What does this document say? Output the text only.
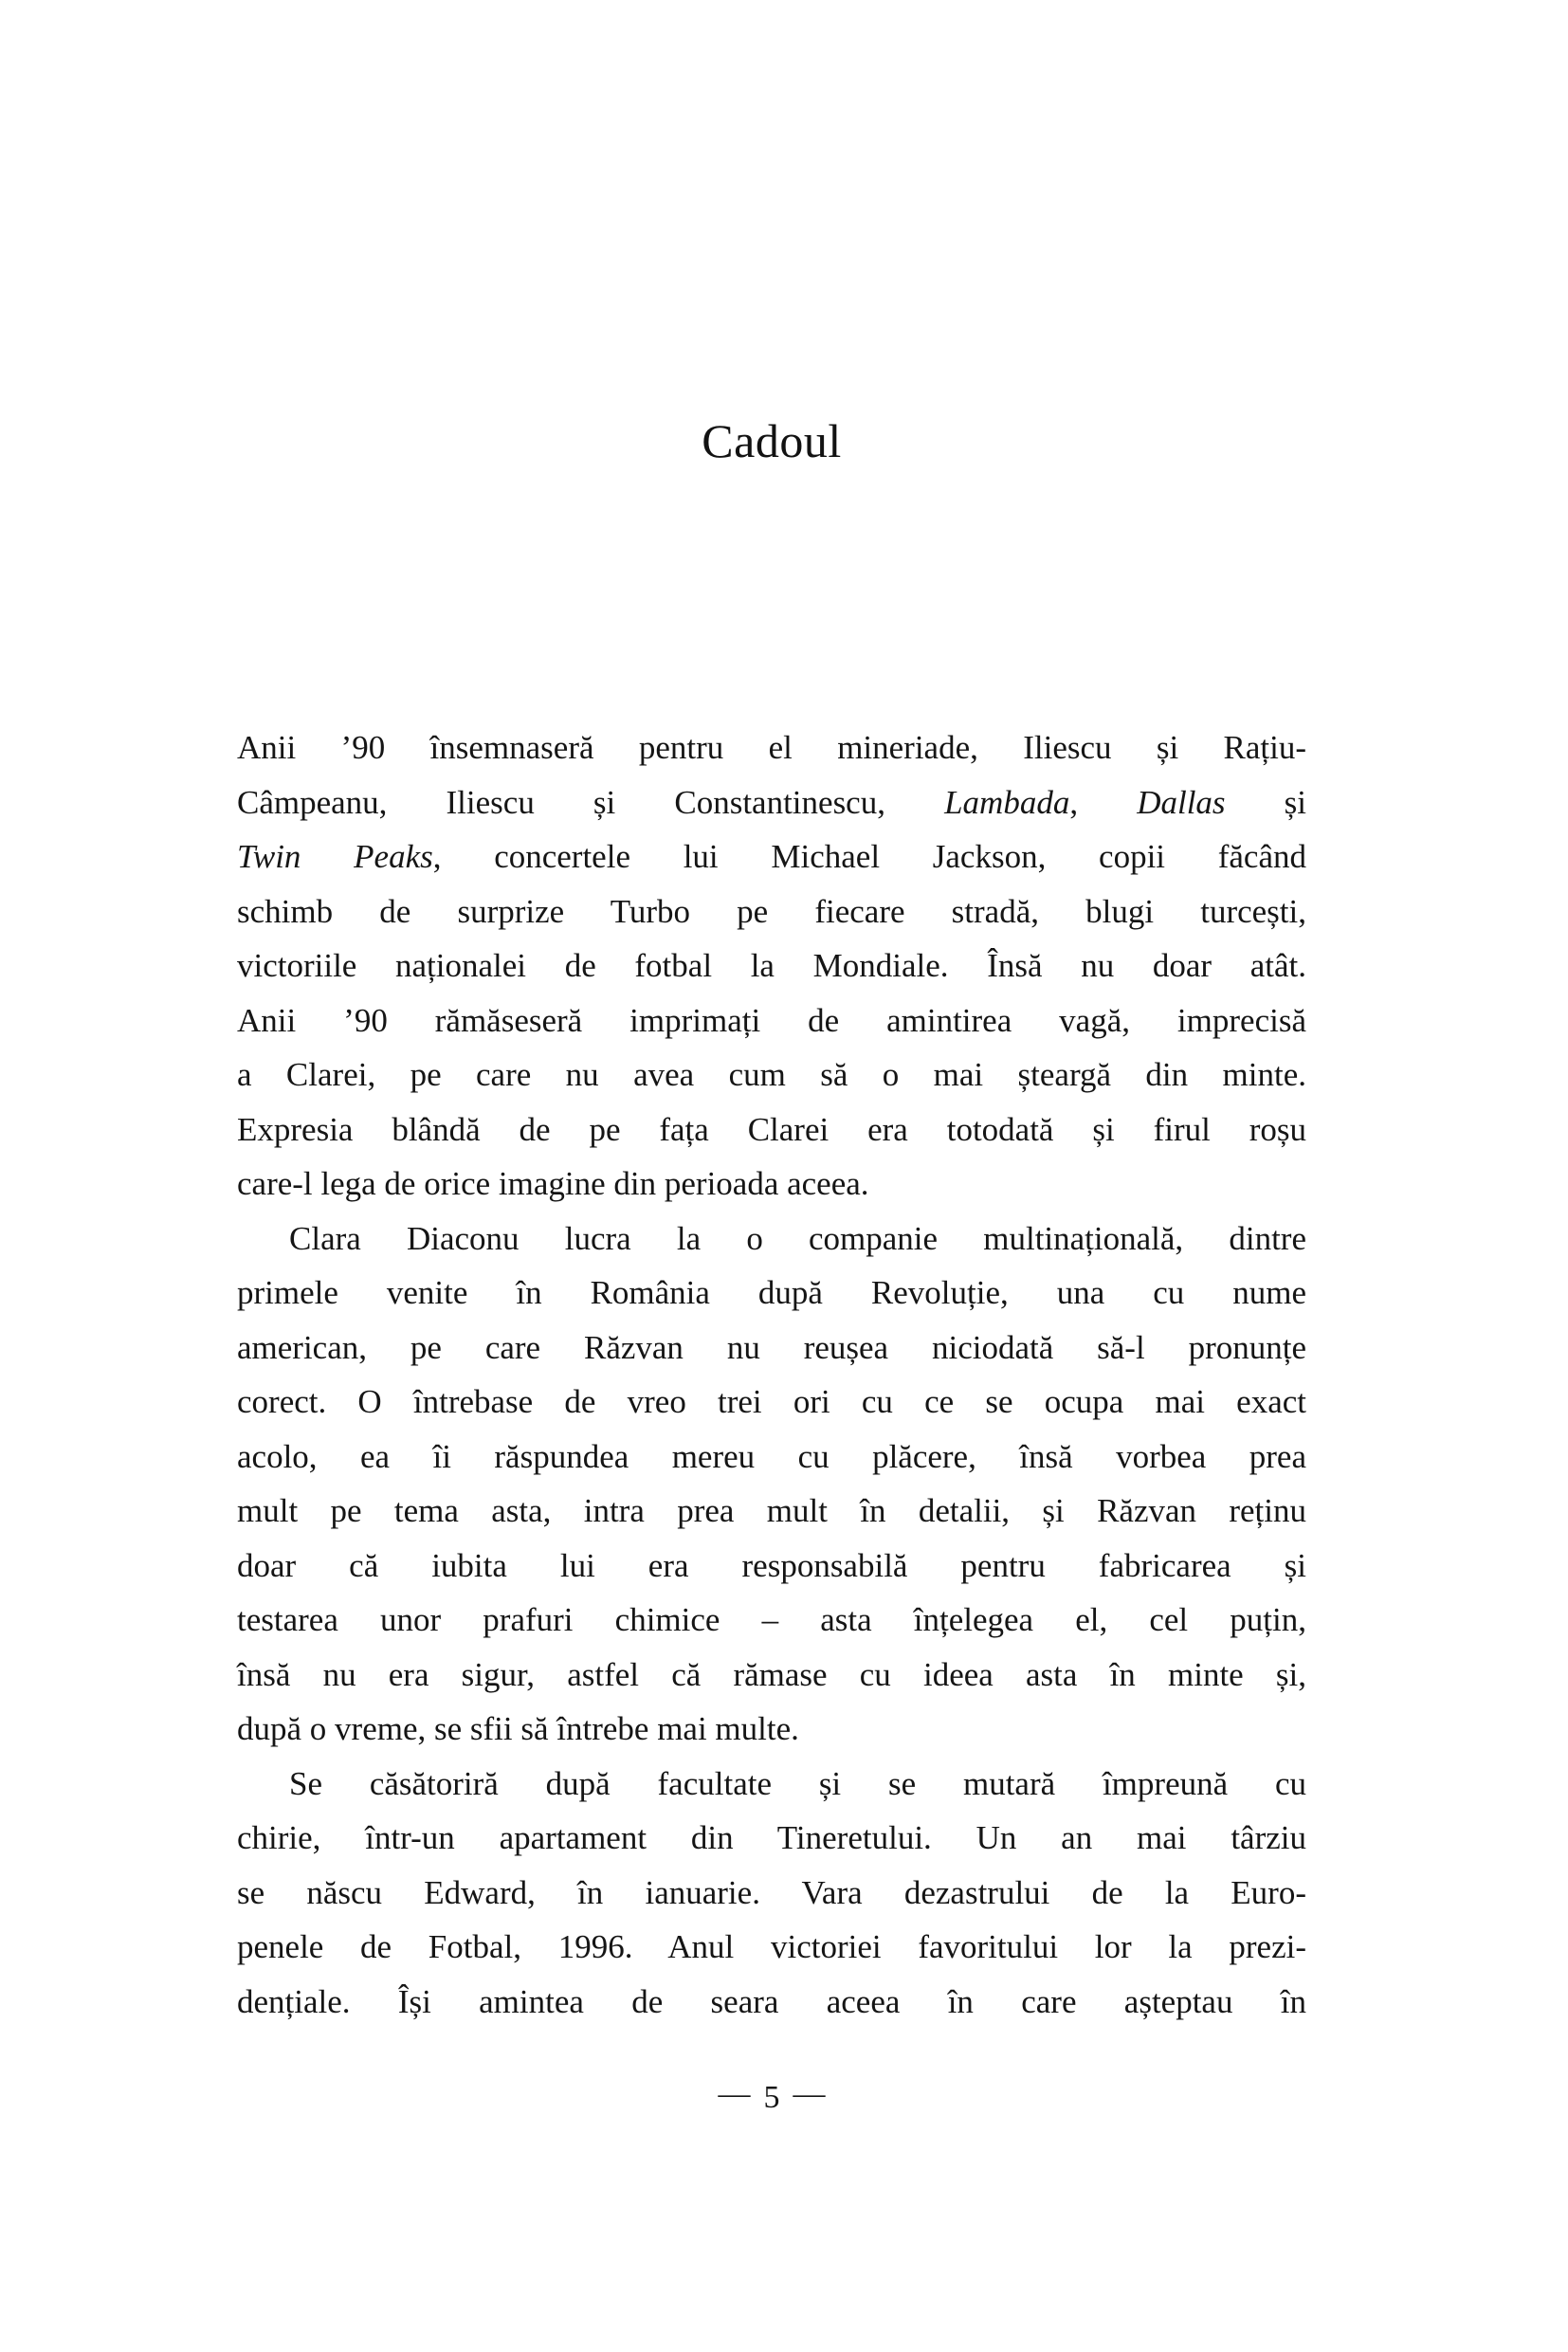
Cadoul
Anii ’90 însemnaseră pentru el mineriade, Iliescu și Rațiu-
Câmpeanu, Iliescu și Constantinescu, Lambada, Dallas și
Twin Peaks, concertele lui Michael Jackson, copii făcând
schimb de surprize Turbo pe fiecare stradă, blugi turcești,
victoriile naționalei de fotbal la Mondiale. Însă nu doar atât.
Anii ’90 rămăseseră imprimați de amintirea vagă, imprecisă
a Clarei, pe care nu avea cum să o mai șteargă din minte.
Expresia blândă de pe fața Clarei era totodată și firul roșu
care-l lega de orice imagine din perioada aceea.
Clara Diaconu lucra la o companie multinațională, dintre
primele venite în România după Revoluție, una cu nume
american, pe care Răzvan nu reușea niciodată să-l pronunțe
corect. O întrebase de vreo trei ori cu ce se ocupa mai exact
acolo, ea îi răspundea mereu cu plăcere, însă vorbea prea
mult pe tema asta, intra prea mult în detalii, și Răzvan reținu
doar că iubita lui era responsabilă pentru fabricarea și
testarea unor prafuri chimice – asta înțelegea el, cel puțin,
însă nu era sigur, astfel că rămase cu ideea asta în minte și,
după o vreme, se sfii să întrebe mai multe.
Se căsătoriră după facultate și se mutară împreună cu
chirie, într-un apartament din Tineretului. Un an mai târziu
se născu Edward, în ianuarie. Vara dezastrului de la Euro-
penele de Fotbal, 1996. Anul victoriei favoritului lor la prezi-
dențiale. Își amintea de seara aceea în care așteptau în
— 5 —
